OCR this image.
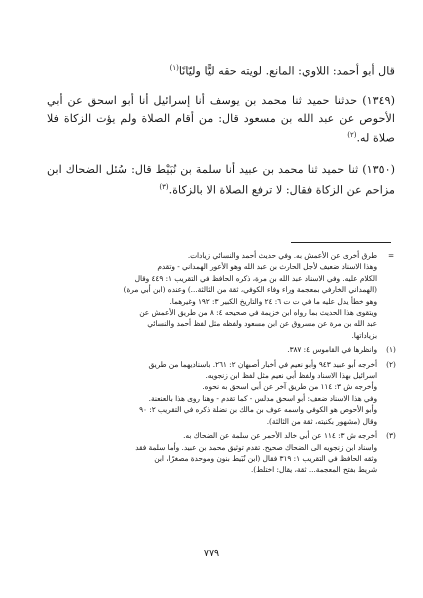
قال أبو أحمد: اللاوي: المانع. لويته حقه ليًّا وليّانًا$^{(١)}$

(١٣٤٩) حدثنا حميد ثنا محمد بن يوسف أنا إسرائيل أنا أبو اسحق عن أبي الأحوص عن عبد الله بن مسعود قال: من أقام الصلاة ولم يؤت الزكاة فلا صلاة له.$^{(٢)}$

(١٣٥٠) ثنا حميد ثنا محمد بن عبيد أنا سلمة بن نُبَيْط قال: سُئل الضحاك ابن مزاحم عن الزكاة فقال: لا ترفع الصلاة الا بالزكاة.$^{(٣)}$

=
طرق أخرى عن الأعمش به. وفي حديث أحمد والنسائي زيادات.
وهذا الاسناد ضعيف لأجل الحارث بن عبد الله وهو الأعور الهمداني - وتقدم
الكلام عليه. وفي الاسناد عبد الله بن مرة، ذكره الحافظ في التقريب ١: ٤٤٩ وقال
(الهمداني الخارفي بمعجمة وراء وفاء الكوفي، ثقة من الثالثة...) وعنده (ابن أبي مرة)
وهو خطأ يدل عليه ما في ت ت ٦: ٢٤ والتاريخ الكبير ٣: ١٩٢ وغيرهما.
ويتقوى هذا الحديث بما رواه ابن خزيمة في صحيحه ٤: ٨ من طريق الأعمش عن
عبد الله بن مرة عن مسروق عن ابن مسعود ولفظه مثل لفظ أحمد والنسائي
بزياداتها.
(١)
وانظرها في القاموس ٤: ٣٨٧.
(٢)
أخرجه أبو عبيد ٩٤٣ وأبو نعيم في أخبار أصبهان ٢: ٢٦١. باسناديهما من طريق
اسرائيل بهذا الاسناد ولفظ أبي نعيم مثل لفظ ابن زنجويه.
وأخرجه ش ٣: ١١٤ من طريق آخر عن أبي اسحق به نحوه.
وفي هذا الاسناد ضعف: أبو اسحق مدلس - كما تقدم - وهنا روى هذا بالعنعنة.
وأبو الأحوص هو الكوفي واسمه عوف بن مالك بن نضلة ذكره في التقريب ٢: ٩٠
وقال (مشهور بكنيته، ثقة من الثالثة).
(٣)
أخرجه ش ٣: ١١٤ عن أبي خالد الأحمر عن سلمة عن الضحاك به.
واسناد ابن زنجويه الى الضحاك صحيح. تقدم توثيق محمد بن عبيد. وأما سلمة فقد
وثقه الحافظ في التقريب ١: ٣١٩ فقال (ابن نُبَيط بنون وموحدة مصغرًا، ابن
شريط بفتح المعجمة... ثقة، يقال: اختلط).
٧٧٩
